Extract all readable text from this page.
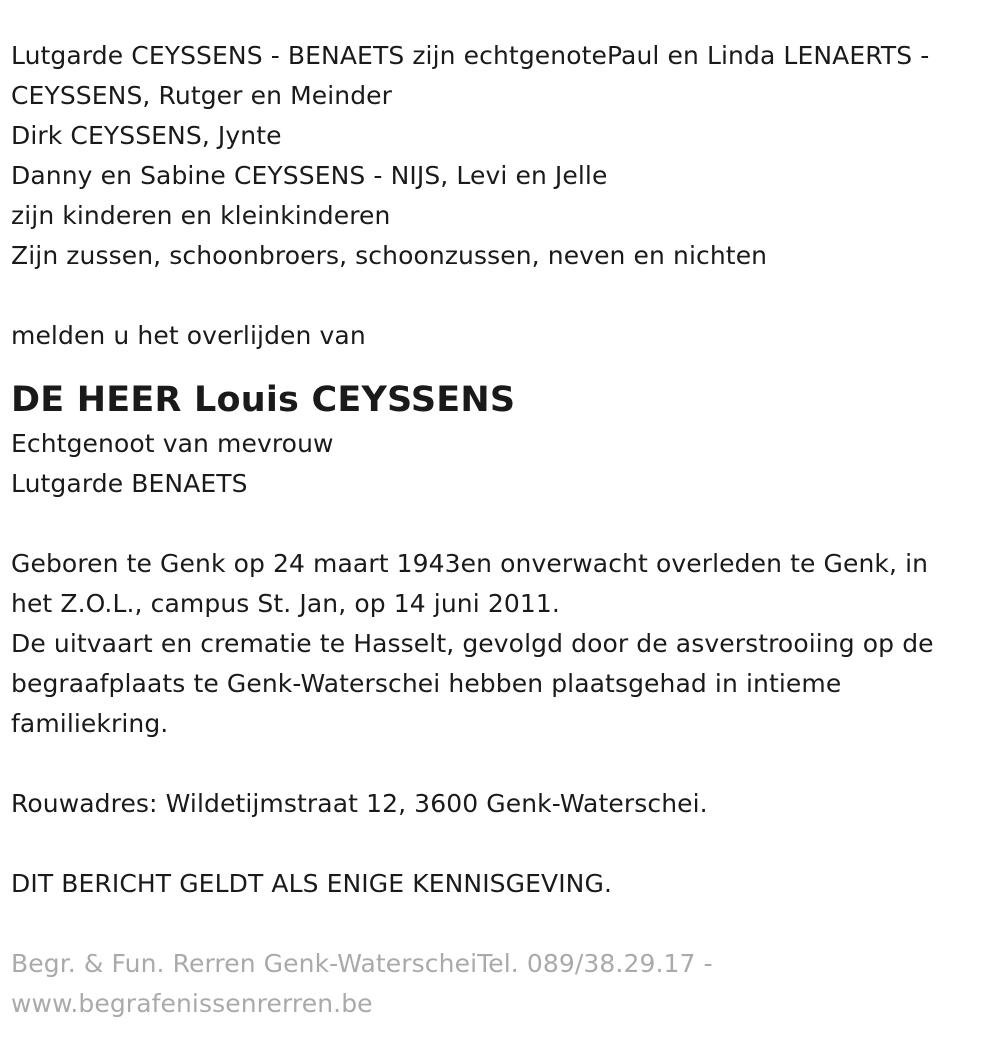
Lutgarde CEYSSENS - BENAETS zijn echtgenotePaul en Linda LENAERTS -
CEYSSENS, Rutger en Meinder
Dirk CEYSSENS, Jynte
Danny en Sabine CEYSSENS - NIJS, Levi en Jelle
zijn kinderen en kleinkinderen
Zijn zussen, schoonbroers, schoonzussen, neven en nichten
melden u het overlijden van
DE HEER Louis CEYSSENS
Echtgenoot van mevrouw
Lutgarde BENAETS
Geboren te Genk op 24 maart 1943en onverwacht overleden te Genk, in
het Z.O.L., campus St. Jan, op 14 juni 2011.
De uitvaart en crematie te Hasselt, gevolgd door de asverstrooiing op de
begraafplaats te Genk-Waterschei hebben plaatsgehad in intieme
familiekring.
Rouwadres: Wildetijmstraat 12, 3600 Genk-Waterschei.
DIT BERICHT GELDT ALS ENIGE KENNISGEVING.
Begr. & Fun. Rerren Genk-WaterscheiTel. 089/38.29.17 -
www.begrafenissenrerren.be
